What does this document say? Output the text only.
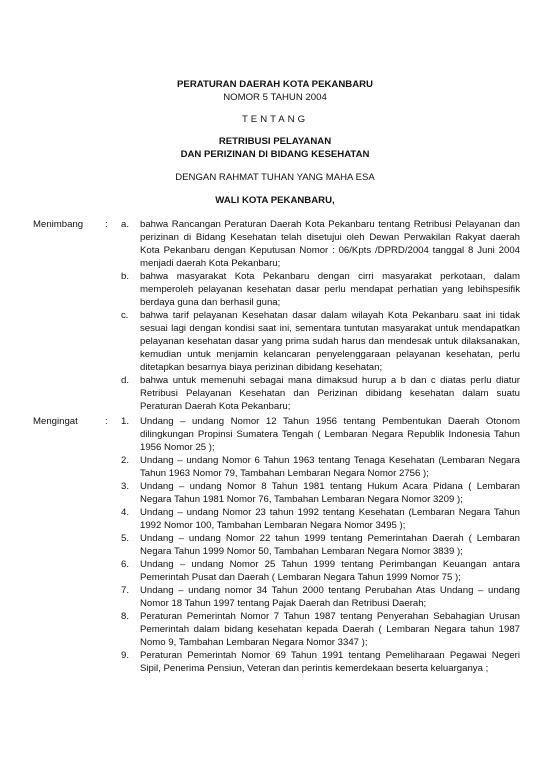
PERATURAN DAERAH KOTA PEKANBARU
NOMOR 5 TAHUN 2004
TENTANG
RETRIBUSI PELAYANAN
DAN PERIZINAN DI BIDANG KESEHATAN
DENGAN RAHMAT TUHAN YANG MAHA ESA
WALI KOTA PEKANBARU,
Menimbang	:	a.	bahwa Rancangan Peraturan Daerah Kota Pekanbaru tentang Retribusi Pelayanan dan perizinan di Bidang Kesehatan telah disetujui oleh Dewan Perwakilan Rakyat daerah Kota Pekanbaru dengan Keputusan Nomor : 06/Kpts /DPRD/2004 tanggal 8 Juni 2004 menjadi daerah Kota Pekanbaru;
b.	bahwa masyarakat Kota Pekanbaru dengan cirri masyarakat perkotaan, dalam memperoleh pelayanan kesehatan dasar perlu mendapat perhatian yang lebihspesifik berdaya guna dan berhasil guna;
c.	bahwa tarif pelayanan Kesehatan dasar dalam wilayah Kota Pekanbaru saat ini tidak sesuai lagi dengan kondisi saat ini, sementara tuntutan masyarakat untuk mendapatkan pelayanan kesehatan dasar yang prima sudah harus dan mendesak untuk dilaksanakan, kemudian untuk menjamin kelancaran penyelenggaraan pelayanan kesehatan, perlu ditetapkan besarnya biaya perizinan dibidang kesehatan;
d.	bahwa untuk memenuhi sebagai mana dimaksud hurup a b dan c diatas perlu diatur Retribusi Pelayanan Kesehatan dan Perizinan dibidang kesehatan dalam suatu Peraturan Daerah Kota Pekanbaru;
Mengingat	:	1.	Undang – undang Nomor 12 Tahun 1956 tentang Pembentukan Daerah Otonom dilingkungan Propinsi Sumatera Tengah ( Lembaran Negara Republik Indonesia Tahun 1956 Nomor 25 );
2.	Undang – undang Nomor 6 Tahun 1963 tentang Tenaga Kesehatan (Lembaran Negara Tahun 1963 Nomor 79, Tambahan Lembaran Negara Nomor 2756 );
3.	Undang – undang Nomor 8 Tahun 1981 tentang Hukum Acara Pidana ( Lembaran Negara Tahun 1981 Nomor 76, Tambahan Lembaran Negara Nomor 3209 );
4.	Undang – undang Nomor 23 tahun 1992 tentang Kesehatan (Lembaran Negara Tahun 1992 Nomor 100, Tambahan Lembaran Negara Nomor 3495 );
5.	Undang – undang Nomor 22 tahun 1999 tentang Pemerintahan Daerah ( Lembaran Negara Tahun 1999 Nomor 50, Tambahan Lembaran Negara Nomor 3839 );
6.	Undang – undang Nomor 25 Tahun 1999 tentang Perimbangan Keuangan antara Pemerintah Pusat dan Daerah ( Lembaran Negara Tahun 1999 Nomor 75 );
7.	Undang – undang nomor 34 Tahun 2000 tentang Perubahan Atas Undang – undang Nomor 18 Tahun 1997 tentang Pajak Daerah dan Retribusi Daerah;
8.	Peraturan Pemerintah Nomor 7 Tahun 1987 tentang Penyerahan Sebahagian Urusan Pemerintah dalam bidang kesehatan kepada Daerah ( Lembaran Negara tahun 1987 Nomo 9, Tambahan Lembaran Negara Nomor 3347 );
9.	Peraturan Pemerintah Nomor 69 Tahun 1991 tentang Pemeliharaan Pegawai Negeri Sipil, Penerima Pensiun, Veteran dan perintis kemerdekaan beserta keluarganya ;
